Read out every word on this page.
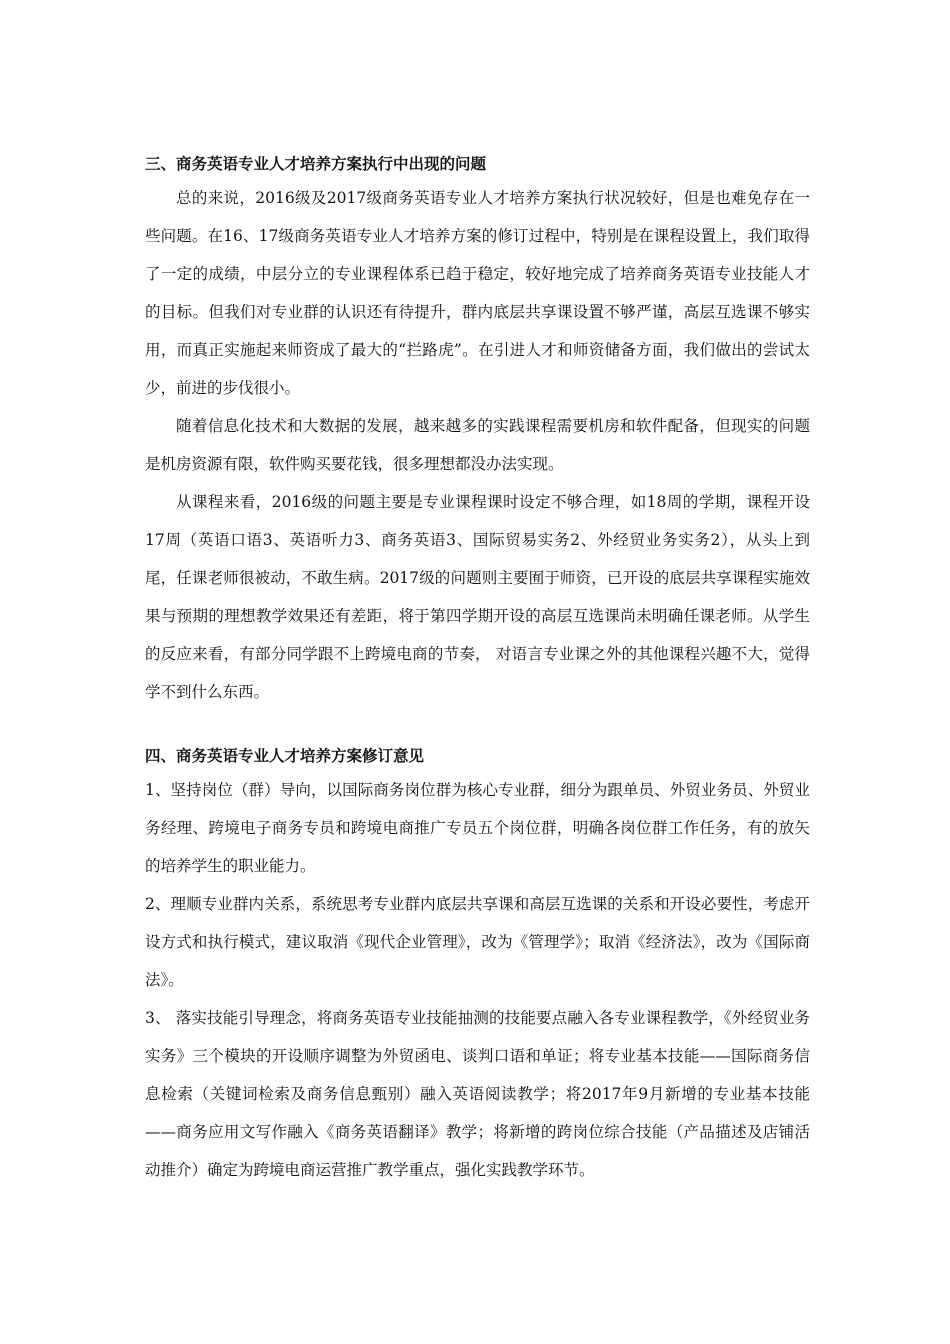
三、商务英语专业人才培养方案执行中出现的问题

总的来说，2016级及2017级商务英语专业人才培养方案执行状况较好，但是也难免存在一些问题。在16、17级商务英语专业人才培养方案的修订过程中，特别是在课程设置上，我们取得了一定的成绩，中层分立的专业课程体系已趋于稳定，较好地完成了培养商务英语专业技能人才的目标。但我们对专业群的认识还有待提升，群内底层共享课设置不够严谨，高层互选课不够实用，而真正实施起来师资成了最大的“拦路虎”。在引进人才和师资储备方面，我们做出的尝试太少，前进的步伐很小。

随着信息化技术和大数据的发展，越来越多的实践课程需要机房和软件配备，但现实的问题是机房资源有限，软件购买要花钱，很多理想都没办法实现。

从课程来看，2016级的问题主要是专业课程课时设定不够合理，如18周的学期，课程开设17周（英语口语3、英语听力3、商务英语3、国际贸易实务2、外经贸业务实务2），从头上到尾，任课老师很被动，不敢生病。2017级的问题则主要囿于师资，已开设的底层共享课程实施效果与预期的理想教学效果还有差距，将于第四学期开设的高层互选课尚未明确任课老师。从学生的反应来看，有部分同学跟不上跨境电商的节奏， 对语言专业课之外的其他课程兴趣不大，觉得学不到什么东西。

四、商务英语专业人才培养方案修订意见

1、坚持岗位（群）导向，以国际商务岗位群为核心专业群，细分为跟单员、外贸业务员、外贸业务经理、跨境电子商务专员和跨境电商推广专员五个岗位群，明确各岗位群工作任务，有的放矢的培养学生的职业能力。

2、理顺专业群内关系，系统思考专业群内底层共享课和高层互选课的关系和开设必要性，考虑开设方式和执行模式，建议取消《现代企业管理》，改为《管理学》；取消《经济法》，改为《国际商法》。

3、 落实技能引导理念，将商务英语专业技能抽测的技能要点融入各专业课程教学，《外经贸业务实务》三个模块的开设顺序调整为外贸函电、谈判口语和单证；将专业基本技能——国际商务信息检索（关键词检索及商务信息甄别）融入英语阅读教学；将2017年9月新增的专业基本技能——商务应用文写作融入《商务英语翻译》教学；将新增的跨岗位综合技能（产品描述及店铺活动推介）确定为跨境电商运营推广教学重点，强化实践教学环节。
